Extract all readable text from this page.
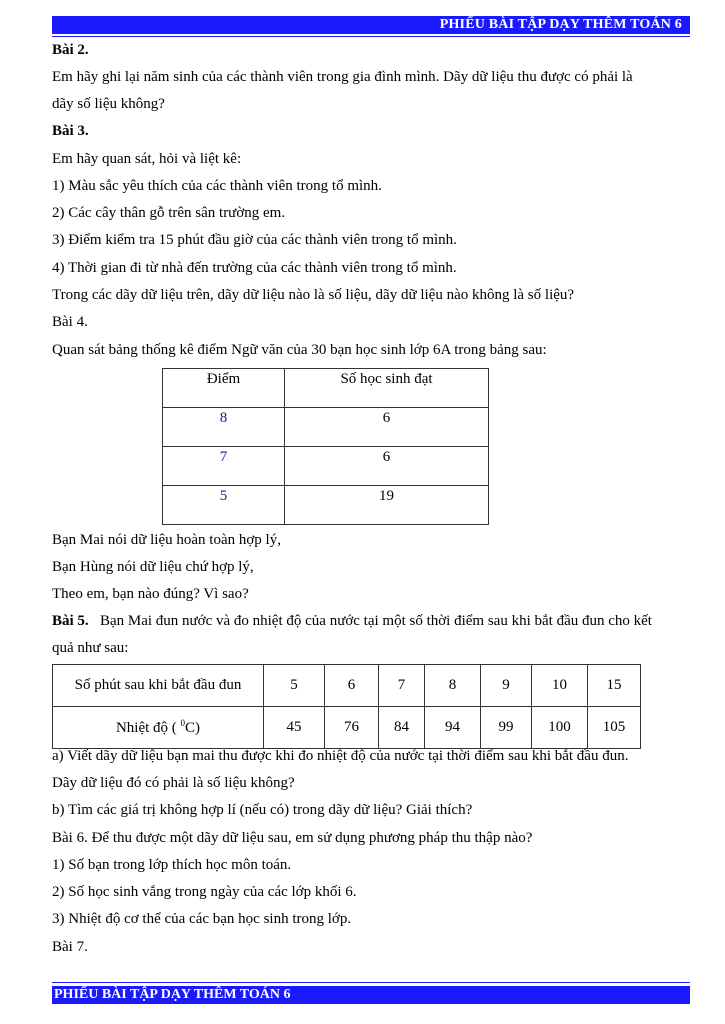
PHIẾU BÀI TẬP DẠY THÊM TOÁN 6
Bài 2.
Em hãy ghi lại năm sinh của các thành viên trong gia đình mình. Dãy dữ liệu thu được có phải là
dãy số liệu không?
Bài 3.
Em hãy quan sát, hỏi và liệt kê:
1) Màu sắc yêu thích của các thành viên trong tổ mình.
2) Các cây thân gỗ trên sân trường em.
3) Điểm kiểm tra 15 phút đầu giờ của các thành viên trong tổ mình.
4) Thời gian đi từ nhà đến trường của các thành viên trong tổ mình.
Trong các dãy dữ liệu trên, dãy dữ liệu nào là số liệu, dãy dữ liệu nào không là số liệu?
Bài 4.
Quan sát bảng thống kê điểm Ngữ văn của 30 bạn học sinh lớp 6A trong bảng sau:
Điểm	Số học sinh đạt
8	6
7	6
5	19
Bạn Mai nói dữ liệu hoàn toàn hợp lý,
Bạn Hùng nói dữ liệu chứ hợp lý,
Theo em, bạn nào đúng? Vì sao?
Bài 5.   Bạn Mai đun nước và đo nhiệt độ của nước tại một số thời điểm sau khi bắt đầu đun cho kết
quả như sau:
Số phút sau khi bắt đầu đun	5	6	7	8	9	10	15
Nhiệt độ ( $^0$C)	45	76	84	94	99	100	105
a) Viết dãy dữ liệu bạn mai thu được khi đo nhiệt độ của nước tại thời điểm sau khi bắt đầu đun.
Dãy dữ liệu đó có phải là số liệu không?
b) Tìm các giá trị không hợp lí (nếu có) trong dãy dữ liệu? Giải thích?
Bài 6. Để thu được một dãy dữ liệu sau, em sử dụng phương pháp thu thập nào?
1) Số bạn trong lớp thích học môn toán.
2) Số học sinh vắng trong ngày của các lớp khối 6.
3) Nhiệt độ cơ thể của các bạn học sinh trong lớp.
Bài 7.
PHIẾU BÀI TẬP DẠY THÊM TOÁN 6
